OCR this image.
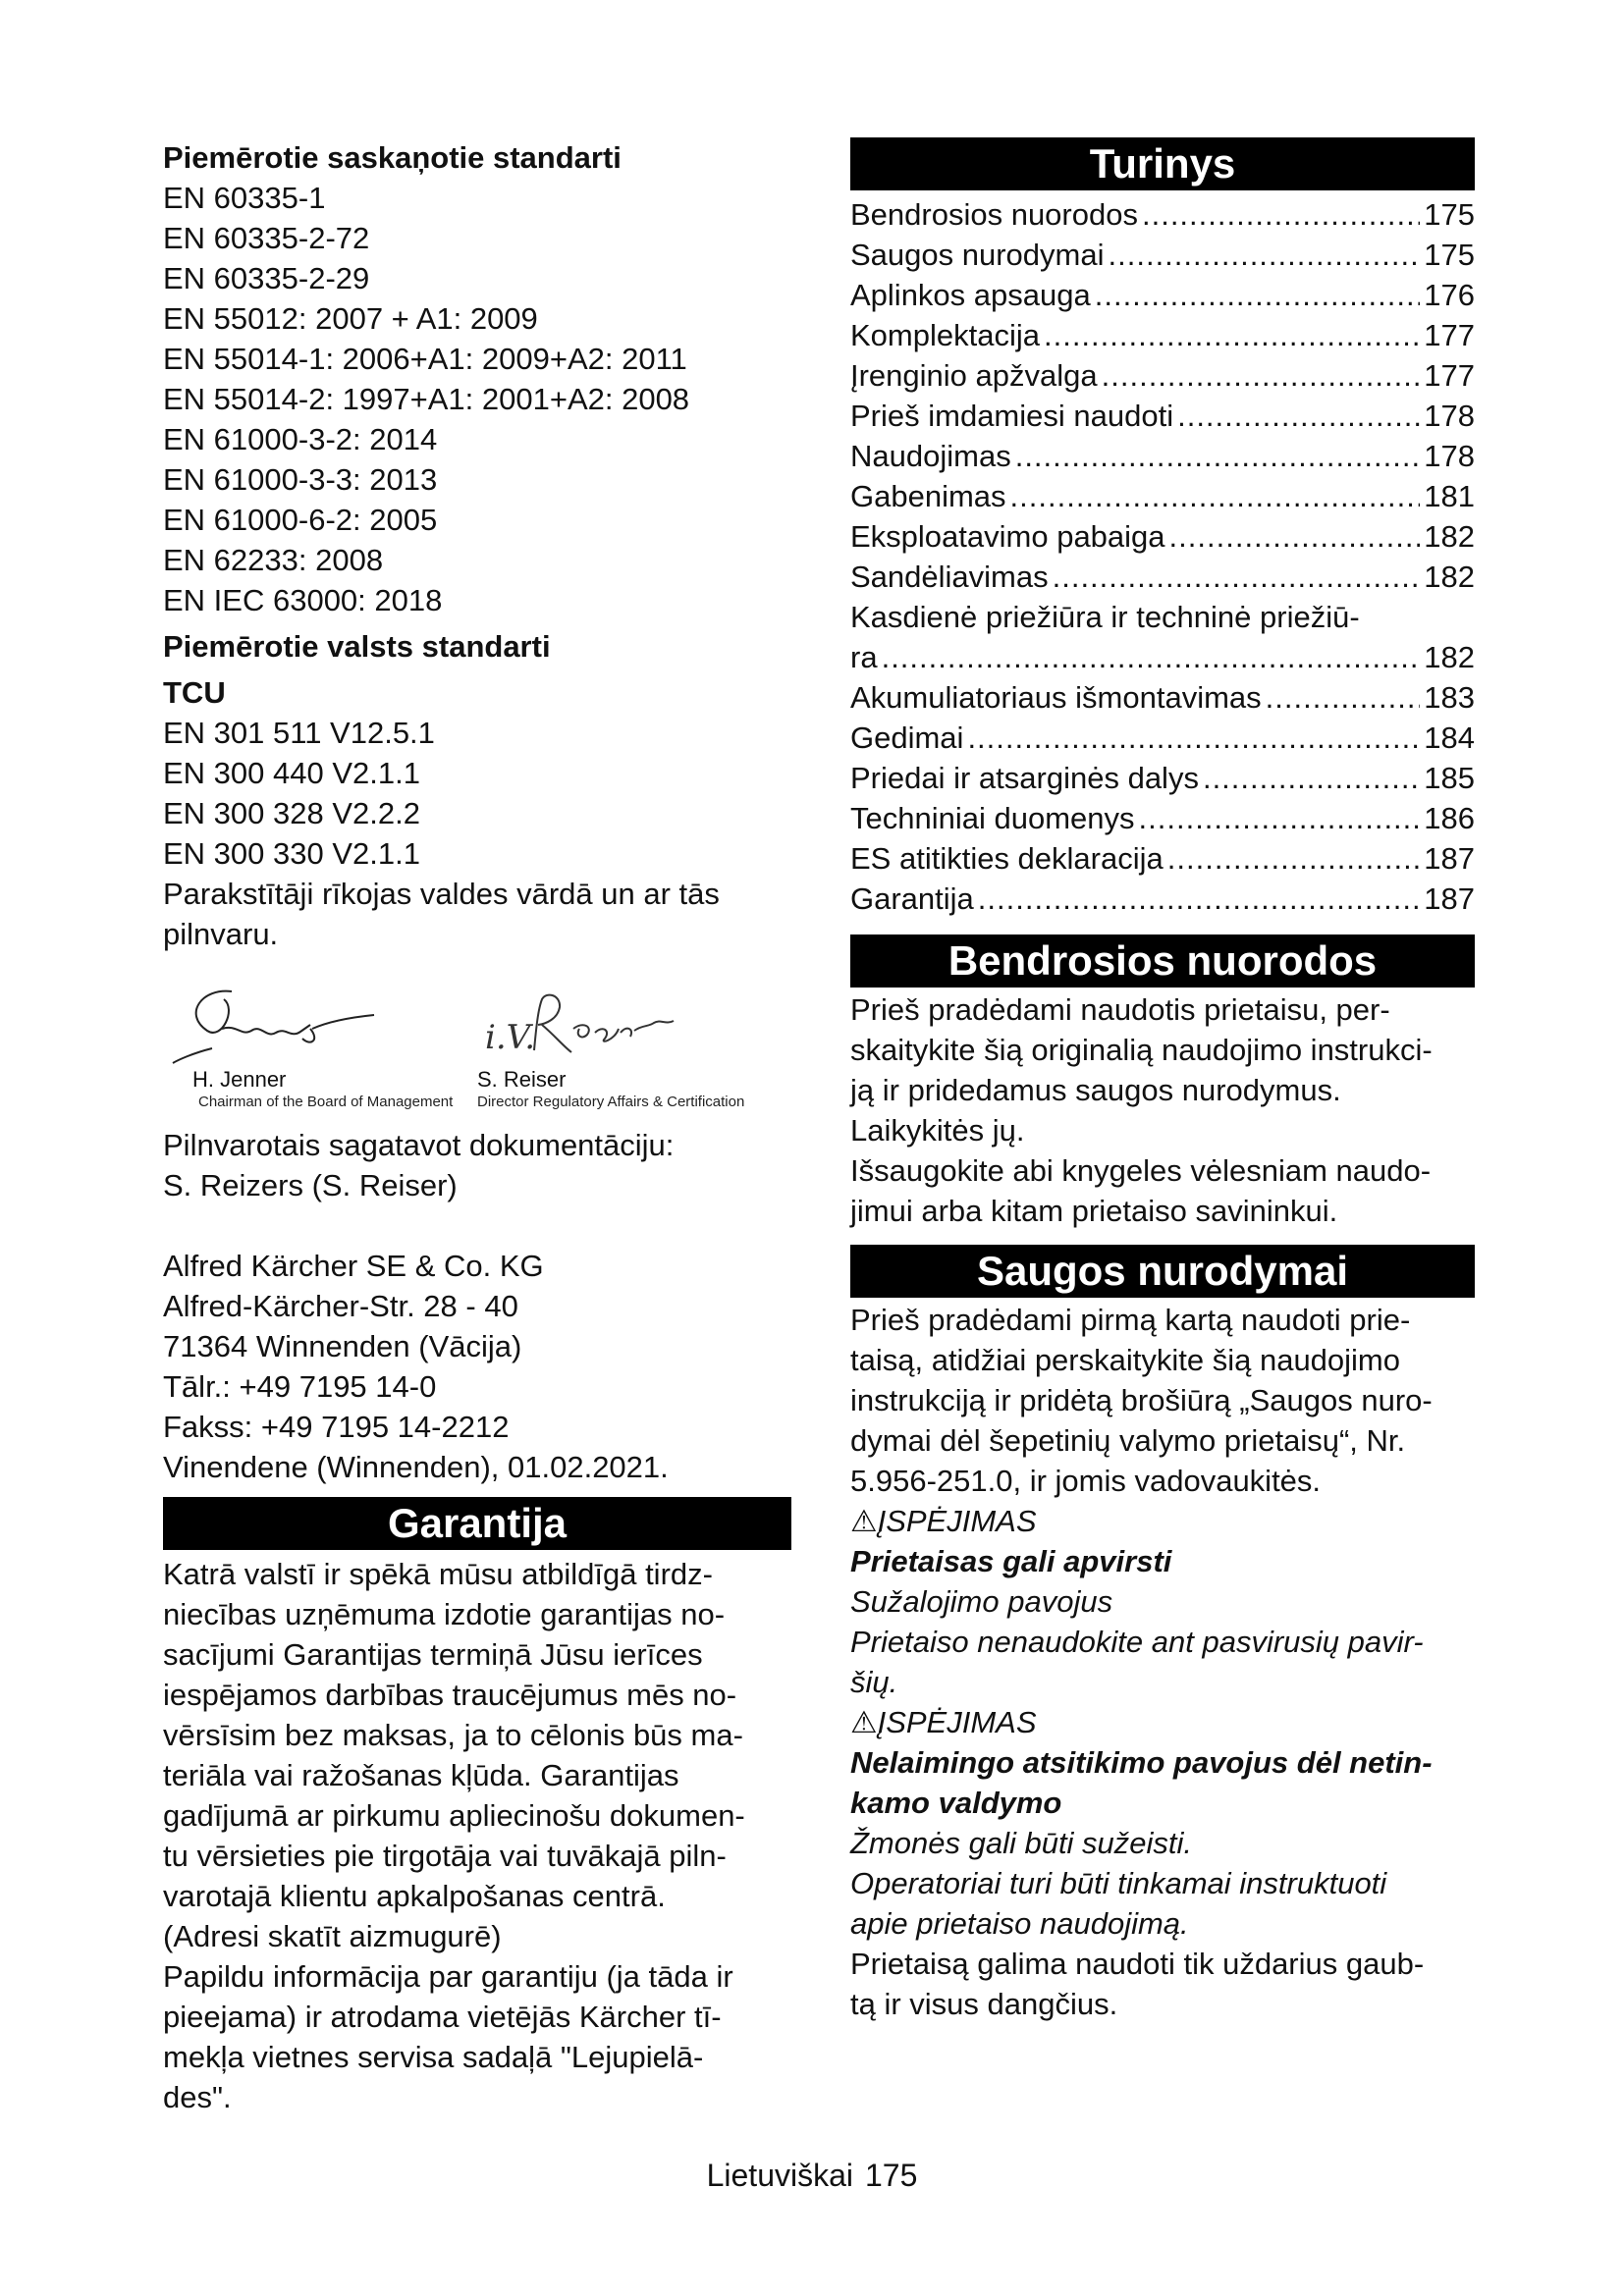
Piemērotie saskaņotie standarti
EN 60335-1
EN 60335-2-72
EN 60335-2-29
EN 55012: 2007 + A1: 2009
EN 55014-1: 2006+A1: 2009+A2: 2011
EN 55014-2: 1997+A1: 2001+A2: 2008
EN 61000-3-2: 2014
EN 61000-3-3: 2013
EN 61000-6-2: 2005
EN 62233: 2008
EN IEC 63000: 2018
Piemērotie valsts standarti
TCU
EN 301 511 V12.5.1
EN 300 440 V2.1.1
EN 300 328 V2.2.2
EN 300 330 V2.1.1
Parakstītāji rīkojas valdes vārdā un ar tās
pilnvaru.
H. Jenner
Chairman of the Board of Management
i.V.
S. Reiser
Director Regulatory Affairs & Certification
Pilnvarotais sagatavot dokumentāciju:
S. Reizers (S. Reiser)
Alfred Kärcher SE & Co. KG
Alfred-Kärcher-Str. 28 - 40
71364 Winnenden (Vācija)
Tālr.: +49 7195 14-0
Fakss: +49 7195 14-2212
Vinendene (Winnenden), 01.02.2021.
Garantija
Katrā valstī ir spēkā mūsu atbildīgā tirdz-
niecības uzņēmuma izdotie garantijas no-
sacījumi Garantijas termiņā Jūsu ierīces
iespējamos darbības traucējumus mēs no-
vērsīsim bez maksas, ja to cēlonis būs ma-
teriāla vai ražošanas kļūda. Garantijas
gadījumā ar pirkumu apliecinošu dokumen-
tu vērsieties pie tirgotāja vai tuvākajā piln-
varotajā klientu apkalpošanas centrā.
(Adresi skatīt aizmugurē)
Papildu informācija par garantiju (ja tāda ir
pieejama) ir atrodama vietējās Kärcher tī-
mekļa vietnes servisa sadaļā "Lejupielā-
des".
Turinys
Bendrosios nuorodos .....	175
Saugos nurodymai .....	175
Aplinkos apsauga .....	176
Komplektacija .....	177
Įrenginio apžvalga .....	177
Prieš imdamiesi naudoti .....	178
Naudojimas .....	178
Gabenimas .....	181
Eksploatavimo pabaiga .....	182
Sandėliavimas .....	182
Kasdienė priežiūra ir techninė priežiū-
ra .....	182
Akumuliatoriaus išmontavimas .....	183
Gedimai .....	184
Priedai ir atsarginės dalys .....	185
Techniniai duomenys .....	186
ES atitikties deklaracija .....	187
Garantija .....	187
Bendrosios nuorodos
Prieš pradėdami naudotis prietaisu, per-
skaitykite šią originalią naudojimo instrukci-
ją ir pridedamus saugos nurodymus.
Laikykitės jų.
Išsaugokite abi knygeles vėlesniam naudo-
jimui arba kitam prietaiso savininkui.
Saugos nurodymai
Prieš pradėdami pirmą kartą naudoti prie-
taisą, atidžiai perskaitykite šią naudojimo
instrukciją ir pridėtą brošiūrą „Saugos nuro-
dymai dėl šepetinių valymo prietaisų“, Nr.
5.956-251.0, ir jomis vadovaukitės.
⚠ĮSPĖJIMAS
Prietaisas gali apvirsti
Sužalojimo pavojus
Prietaiso nenaudokite ant pasvirusių pavir-
šių.
⚠ĮSPĖJIMAS
Nelaimingo atsitikimo pavojus dėl netin-
kamo valdymo
Žmonės gali būti sužeisti.
Operatoriai turi būti tinkamai instruktuoti
apie prietaiso naudojimą.
Prietaisą galima naudoti tik uždarius gaub-
tą ir visus dangčius.
Lietuviškai 175
